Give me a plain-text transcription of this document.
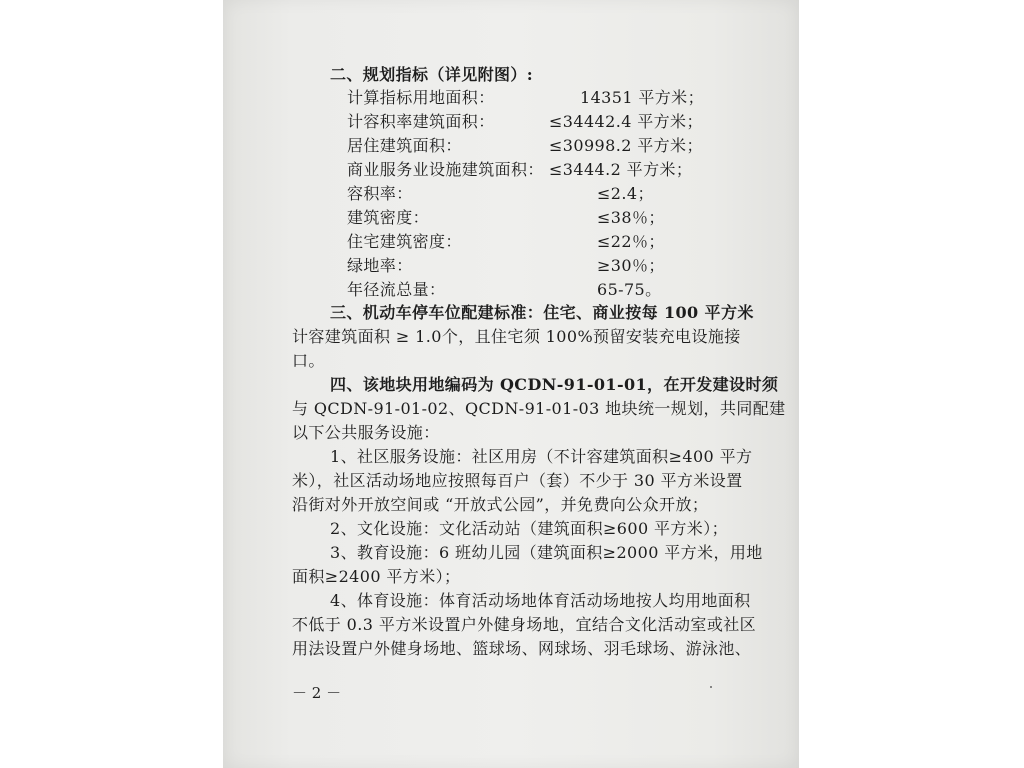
二、规划指标（详见附图）:
计算指标用地面积：	14351 平方米；
计容积率建筑面积：	≤34442.4 平方米；
居住建筑面积：	≤30998.2 平方米；
商业服务业设施建筑面积： ≤3444.2 平方米；
容积率：	≤2.4；
建筑密度：	≤38％；
住宅建筑密度：	≤22％；
绿地率：	≥30％；
年径流总量：	65-75。
三、机动车停车位配建标准：住宅、商业按每 100 平方米
计容建筑面积 ≥ 1.0个，且住宅须 100%预留安装充电设施接
口。
四、该地块用地编码为 QCDN-91-01-01，在开发建设时须
与 QCDN-91-01-02、QCDN-91-01-03 地块统一规划，共同配建
以下公共服务设施：
1、社区服务设施：社区用房（不计容建筑面积≥400 平方
米），社区活动场地应按照每百户（套）不少于 30 平方米设置
沿街对外开放空间或 “开放式公园”，并免费向公众开放；
2、文化设施：文化活动站（建筑面积≥600 平方米）；
3、教育设施：6 班幼儿园（建筑面积≥2000 平方米，用地
面积≥2400 平方米）；
4、体育设施：体育活动场地体育活动场地按人均用地面积
不低于 0.3 平方米设置户外健身场地，宜结合文化活动室或社区
用法设置户外健身场地、篮球场、网球场、羽毛球场、游泳池、
－ 2 －
